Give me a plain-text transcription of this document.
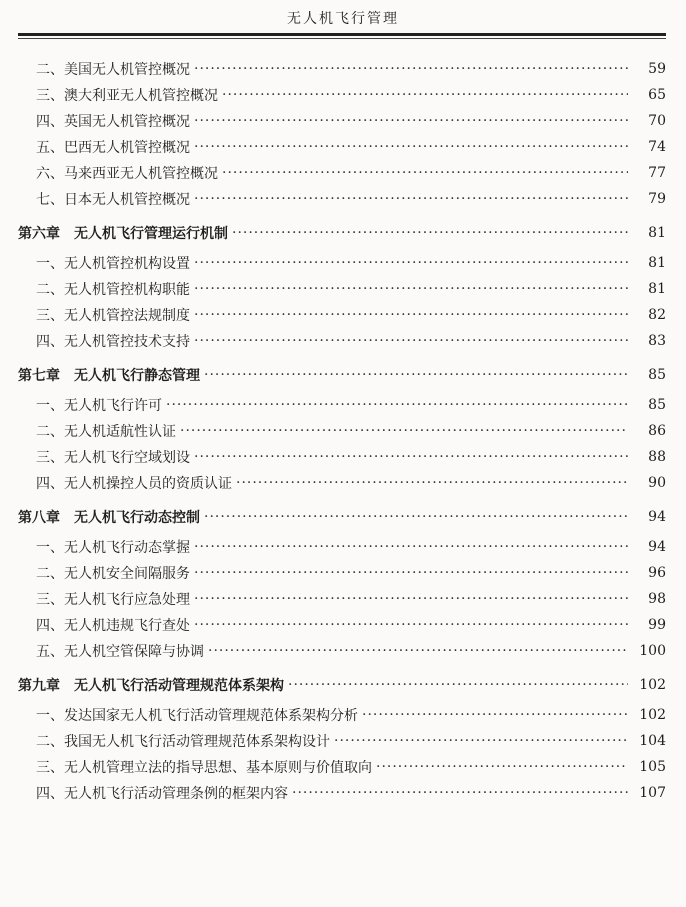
无人机飞行管理
二、美国无人机管控概况 ·····	59
三、澳大利亚无人机管控概况 ·····	65
四、英国无人机管控概况 ·····	70
五、巴西无人机管控概况 ·····	74
六、马来西亚无人机管控概况 ·····	77
七、日本无人机管控概况 ·····	79
第六章　无人机飞行管理运行机制 ·····	81
一、无人机管控机构设置 ·····	81
二、无人机管控机构职能 ·····	81
三、无人机管控法规制度 ·····	82
四、无人机管控技术支持 ·····	83
第七章　无人机飞行静态管理 ·····	85
一、无人机飞行许可 ·····	85
二、无人机适航性认证 ·····	86
三、无人机飞行空域划设 ·····	88
四、无人机操控人员的资质认证 ·····	90
第八章　无人机飞行动态控制 ·····	94
一、无人机飞行动态掌握 ·····	94
二、无人机安全间隔服务 ·····	96
三、无人机飞行应急处理 ·····	98
四、无人机违规飞行查处 ·····	99
五、无人机空管保障与协调 ·····	100
第九章　无人机飞行活动管理规范体系架构 ·····	102
一、发达国家无人机飞行活动管理规范体系架构分析 ·····	102
二、我国无人机飞行活动管理规范体系架构设计 ·····	104
三、无人机管理立法的指导思想、基本原则与价值取向 ·····	105
四、无人机飞行活动管理条例的框架内容 ·····	107
